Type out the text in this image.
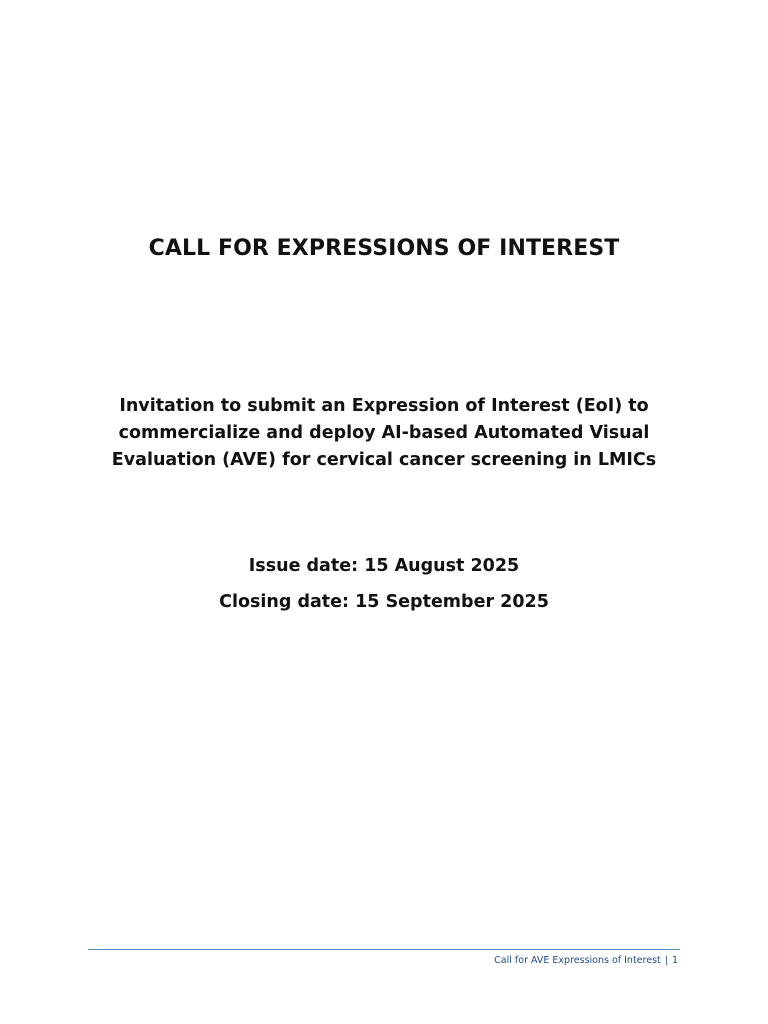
CALL FOR EXPRESSIONS OF INTEREST
Invitation to submit an Expression of Interest (EoI) to
commercialize and deploy AI-based Automated Visual
Evaluation (AVE) for cervical cancer screening in LMICs
Issue date: 15 August 2025
Closing date: 15 September 2025
Call for AVE Expressions of Interest | 1
